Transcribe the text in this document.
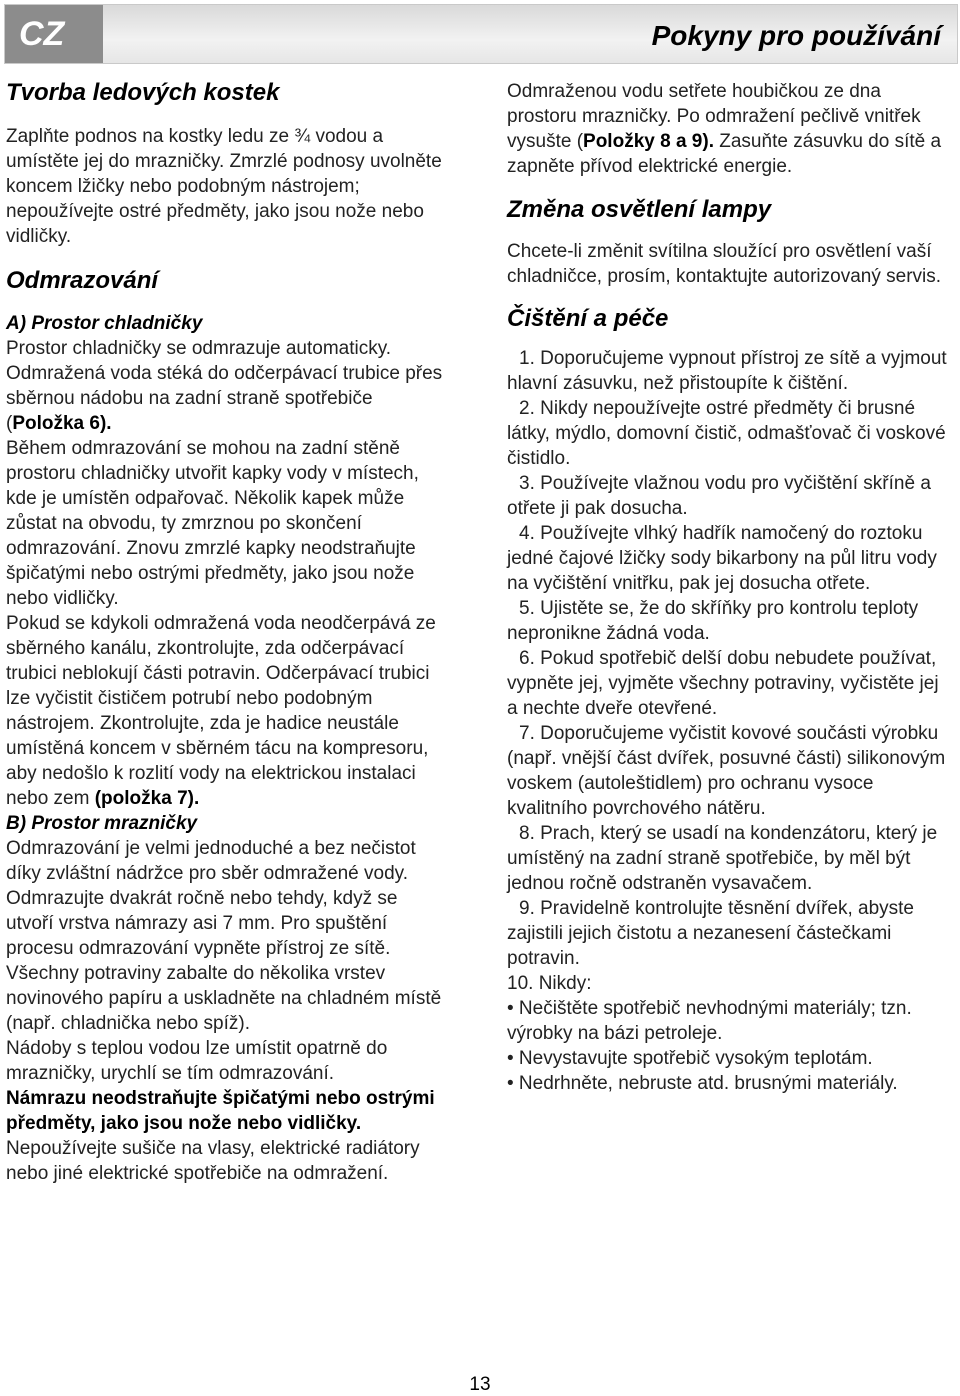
CZ	Pokyny pro používání
Tvorba ledových kostek

Zaplňte podnos na kostky ledu ze ¾ vodou a umístěte jej do mrazničky. Zmrzlé podnosy uvolněte koncem lžičky nebo podobným nástrojem; nepoužívejte ostré předměty, jako jsou nože nebo vidličky.

Odmrazování
A) Prostor chladničky

Prostor chladničky se odmrazuje automaticky. Odmražená voda stéká do odčerpávací trubice přes sběrnou nádobu na zadní straně spotřebiče (Položka 6).

Během odmrazování se mohou na zadní stěně prostoru chladničky utvořit kapky vody v místech, kde je umístěn odpařovač. Několik kapek může zůstat na obvodu, ty zmrznou po skončení odmrazování. Znovu zmrzlé kapky neodstraňujte špičatými nebo ostrými předměty, jako jsou nože nebo vidličky.

Pokud se kdykoli odmražená voda neodčerpává ze sběrného kanálu, zkontrolujte, zda odčerpávací trubici neblokují části potravin. Odčerpávací trubici lze vyčistit čističem potrubí nebo podobným nástrojem. Zkontrolujte, zda je hadice neustále umístěná koncem v sběrném tácu na kompresoru, aby nedošlo k rozlití vody na elektrickou instalaci nebo zem (položka 7).

B) Prostor mrazničky

Odmrazování je velmi jednoduché a bez nečistot díky zvláštní nádržce pro sběr odmražené vody.

Odmrazujte dvakrát ročně nebo tehdy, když se utvoří vrstva námrazy asi 7 mm. Pro spuštění procesu odmrazování vypněte přístroj ze sítě.

Všechny potraviny zabalte do několika vrstev novinového papíru a uskladněte na chladném místě (např. chladnička nebo spíž).

Nádoby s teplou vodou lze umístit opatrně do mrazničky, urychlí se tím odmrazování.

Námrazu neodstraňujte špičatými nebo ostrými předměty, jako jsou nože nebo vidličky.

Nepoužívejte sušiče na vlasy, elektrické radiátory nebo jiné elektrické spotřebiče na odmražení.

Odmraženou vodu setřete houbičkou ze dna prostoru mrazničky. Po odmražení pečlivě vnitřek vysušte (Položky 8 a 9). Zasuňte zásuvku do sítě a zapněte přívod elektrické energie.

Změna osvětlení lampy

Chcete-li změnit svítilna sloužící pro osvětlení vaší chladničce, prosím, kontaktujte autorizovaný servis.

Čištění a péče

1. Doporučujeme vypnout přístroj ze sítě a vyjmout hlavní zásuvku, než přistoupíte k čištění.

2. Nikdy nepoužívejte ostré předměty či brusné látky, mýdlo, domovní čistič, odmašťovač či voskové čistidlo.

3. Používejte vlažnou vodu pro vyčištění skříně a otřete ji pak dosucha.

4. Používejte vlhký hadřík namočený do roztoku jedné čajové lžičky sody bikarbony na půl litru vody na vyčištění vnitřku, pak jej dosucha otřete.

5. Ujistěte se, že do skříňky pro kontrolu teploty nepronikne žádná voda.

6. Pokud spotřebič delší dobu nebudete používat, vypněte jej, vyjměte všechny potraviny, vyčistěte jej a nechte dveře otevřené.

7. Doporučujeme vyčistit kovové součásti výrobku (např. vnější část dvířek, posuvné části) silikonovým voskem (autoleštidlem) pro ochranu vysoce kvalitního povrchového nátěru.

8. Prach, který se usadí na kondenzátoru, který je umístěný na zadní straně spotřebiče, by měl být jednou ročně odstraněn vysavačem.

9. Pravidelně kontrolujte těsnění dvířek, abyste zajistili jejich čistotu a nezanesení částečkami potravin.

10. Nikdy:

• Nečištěte spotřebič nevhodnými materiály; tzn. výrobky na bázi petroleje.

• Nevystavujte spotřebič vysokým teplotám.

• Nedrhněte, nebruste atd. brusnými materiály.

13
